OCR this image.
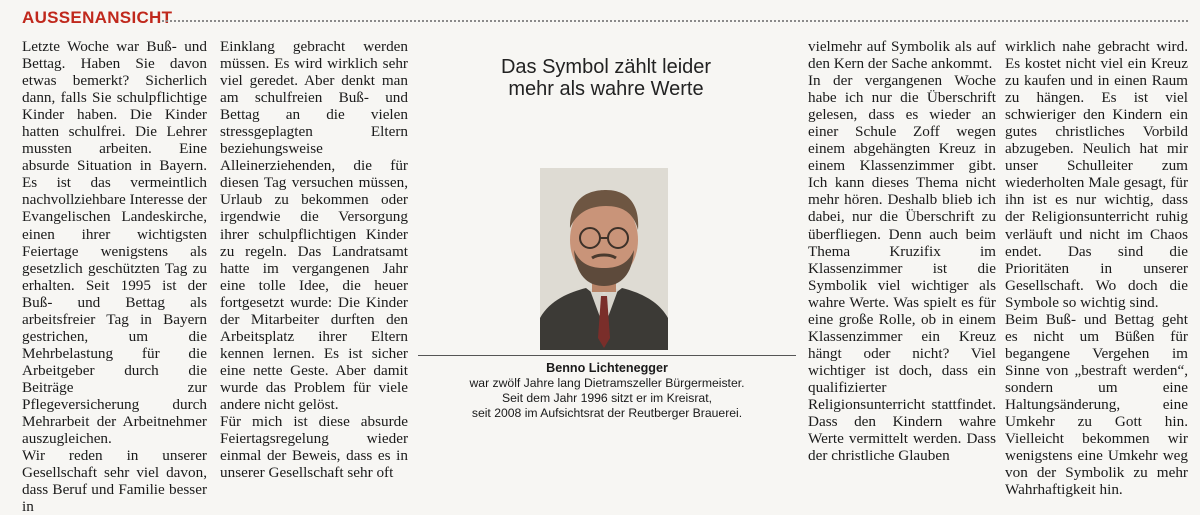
AUSSENANSICHT

Letzte Woche war Buß- und Bettag. Haben Sie davon etwas bemerkt? Sicherlich dann, falls Sie schulpflichtige Kinder haben. Die Kinder hatten schulfrei. Die Lehrer mussten arbeiten. Eine absurde Situation in Bayern. Es ist das vermeintlich nachvollziehbare Interesse der Evangelischen Landeskirche, einen ihrer wichtigsten Feiertage wenigstens als gesetzlich geschützten Tag zu erhalten. Seit 1995 ist der Buß- und Bettag als arbeitsfreier Tag in Bayern gestrichen, um die Mehrbelastung für die Arbeitgeber durch die Beiträge zur Pflegeversicherung durch Mehrarbeit der Arbeitnehmer auszugleichen.

Wir reden in unserer Gesellschaft sehr viel davon, dass Beruf und Familie besser in

Einklang gebracht werden müssen. Es wird wirklich sehr viel geredet. Aber denkt man am schulfreien Buß- und Bettag an die vielen stressgeplagten Eltern beziehungsweise Alleinerziehenden, die für diesen Tag versuchen müssen, Urlaub zu bekommen oder irgendwie die Versorgung ihrer schulpflichtigen Kinder zu regeln. Das Landratsamt hatte im vergangenen Jahr eine tolle Idee, die heuer fortgesetzt wurde: Die Kinder der Mitarbeiter durften den Arbeitsplatz ihrer Eltern kennen lernen. Es ist sicher eine nette Geste. Aber damit wurde das Problem für viele andere nicht gelöst.

Für mich ist diese absurde Feiertagsregelung wieder einmal der Beweis, dass es in unserer Gesellschaft sehr oft

Das Symbol zählt leider mehr als wahre Werte
Benno Lichtenegger
war zwölf Jahre lang Dietramszeller Bürgermeister.
Seit dem Jahr 1996 sitzt er im Kreisrat,
seit 2008 im Aufsichtsrat der Reutberger Brauerei.

vielmehr auf Symbolik als auf den Kern der Sache ankommt.

In der vergangenen Woche habe ich nur die Überschrift gelesen, dass es wieder an einer Schule Zoff wegen einem abgehängten Kreuz in einem Klassenzimmer gibt. Ich kann dieses Thema nicht mehr hören. Deshalb blieb ich dabei, nur die Überschrift zu überfliegen. Denn auch beim Thema Kruzifix im Klassenzimmer ist die Symbolik viel wichtiger als wahre Werte. Was spielt es für eine große Rolle, ob in einem Klassenzimmer ein Kreuz hängt oder nicht? Viel wichtiger ist doch, dass ein qualifizierter Religionsunterricht stattfindet. Dass den Kindern wahre Werte vermittelt werden. Dass der christliche Glauben

wirklich nahe gebracht wird. Es kostet nicht viel ein Kreuz zu kaufen und in einen Raum zu hängen. Es ist viel schwieriger den Kindern ein gutes christliches Vorbild abzugeben. Neulich hat mir unser Schulleiter zum wiederholten Male gesagt, für ihn ist es nur wichtig, dass der Religionsunterricht ruhig verläuft und nicht im Chaos endet. Das sind die Prioritäten in unserer Gesellschaft. Wo doch die Symbole so wichtig sind.

Beim Buß- und Bettag geht es nicht um Büßen für begangene Vergehen im Sinne von „bestraft werden“, sondern um eine Haltungsänderung, eine Umkehr zu Gott hin. Vielleicht bekommen wir wenigstens eine Umkehr weg von der Symbolik zu mehr Wahrhaftigkeit hin.
